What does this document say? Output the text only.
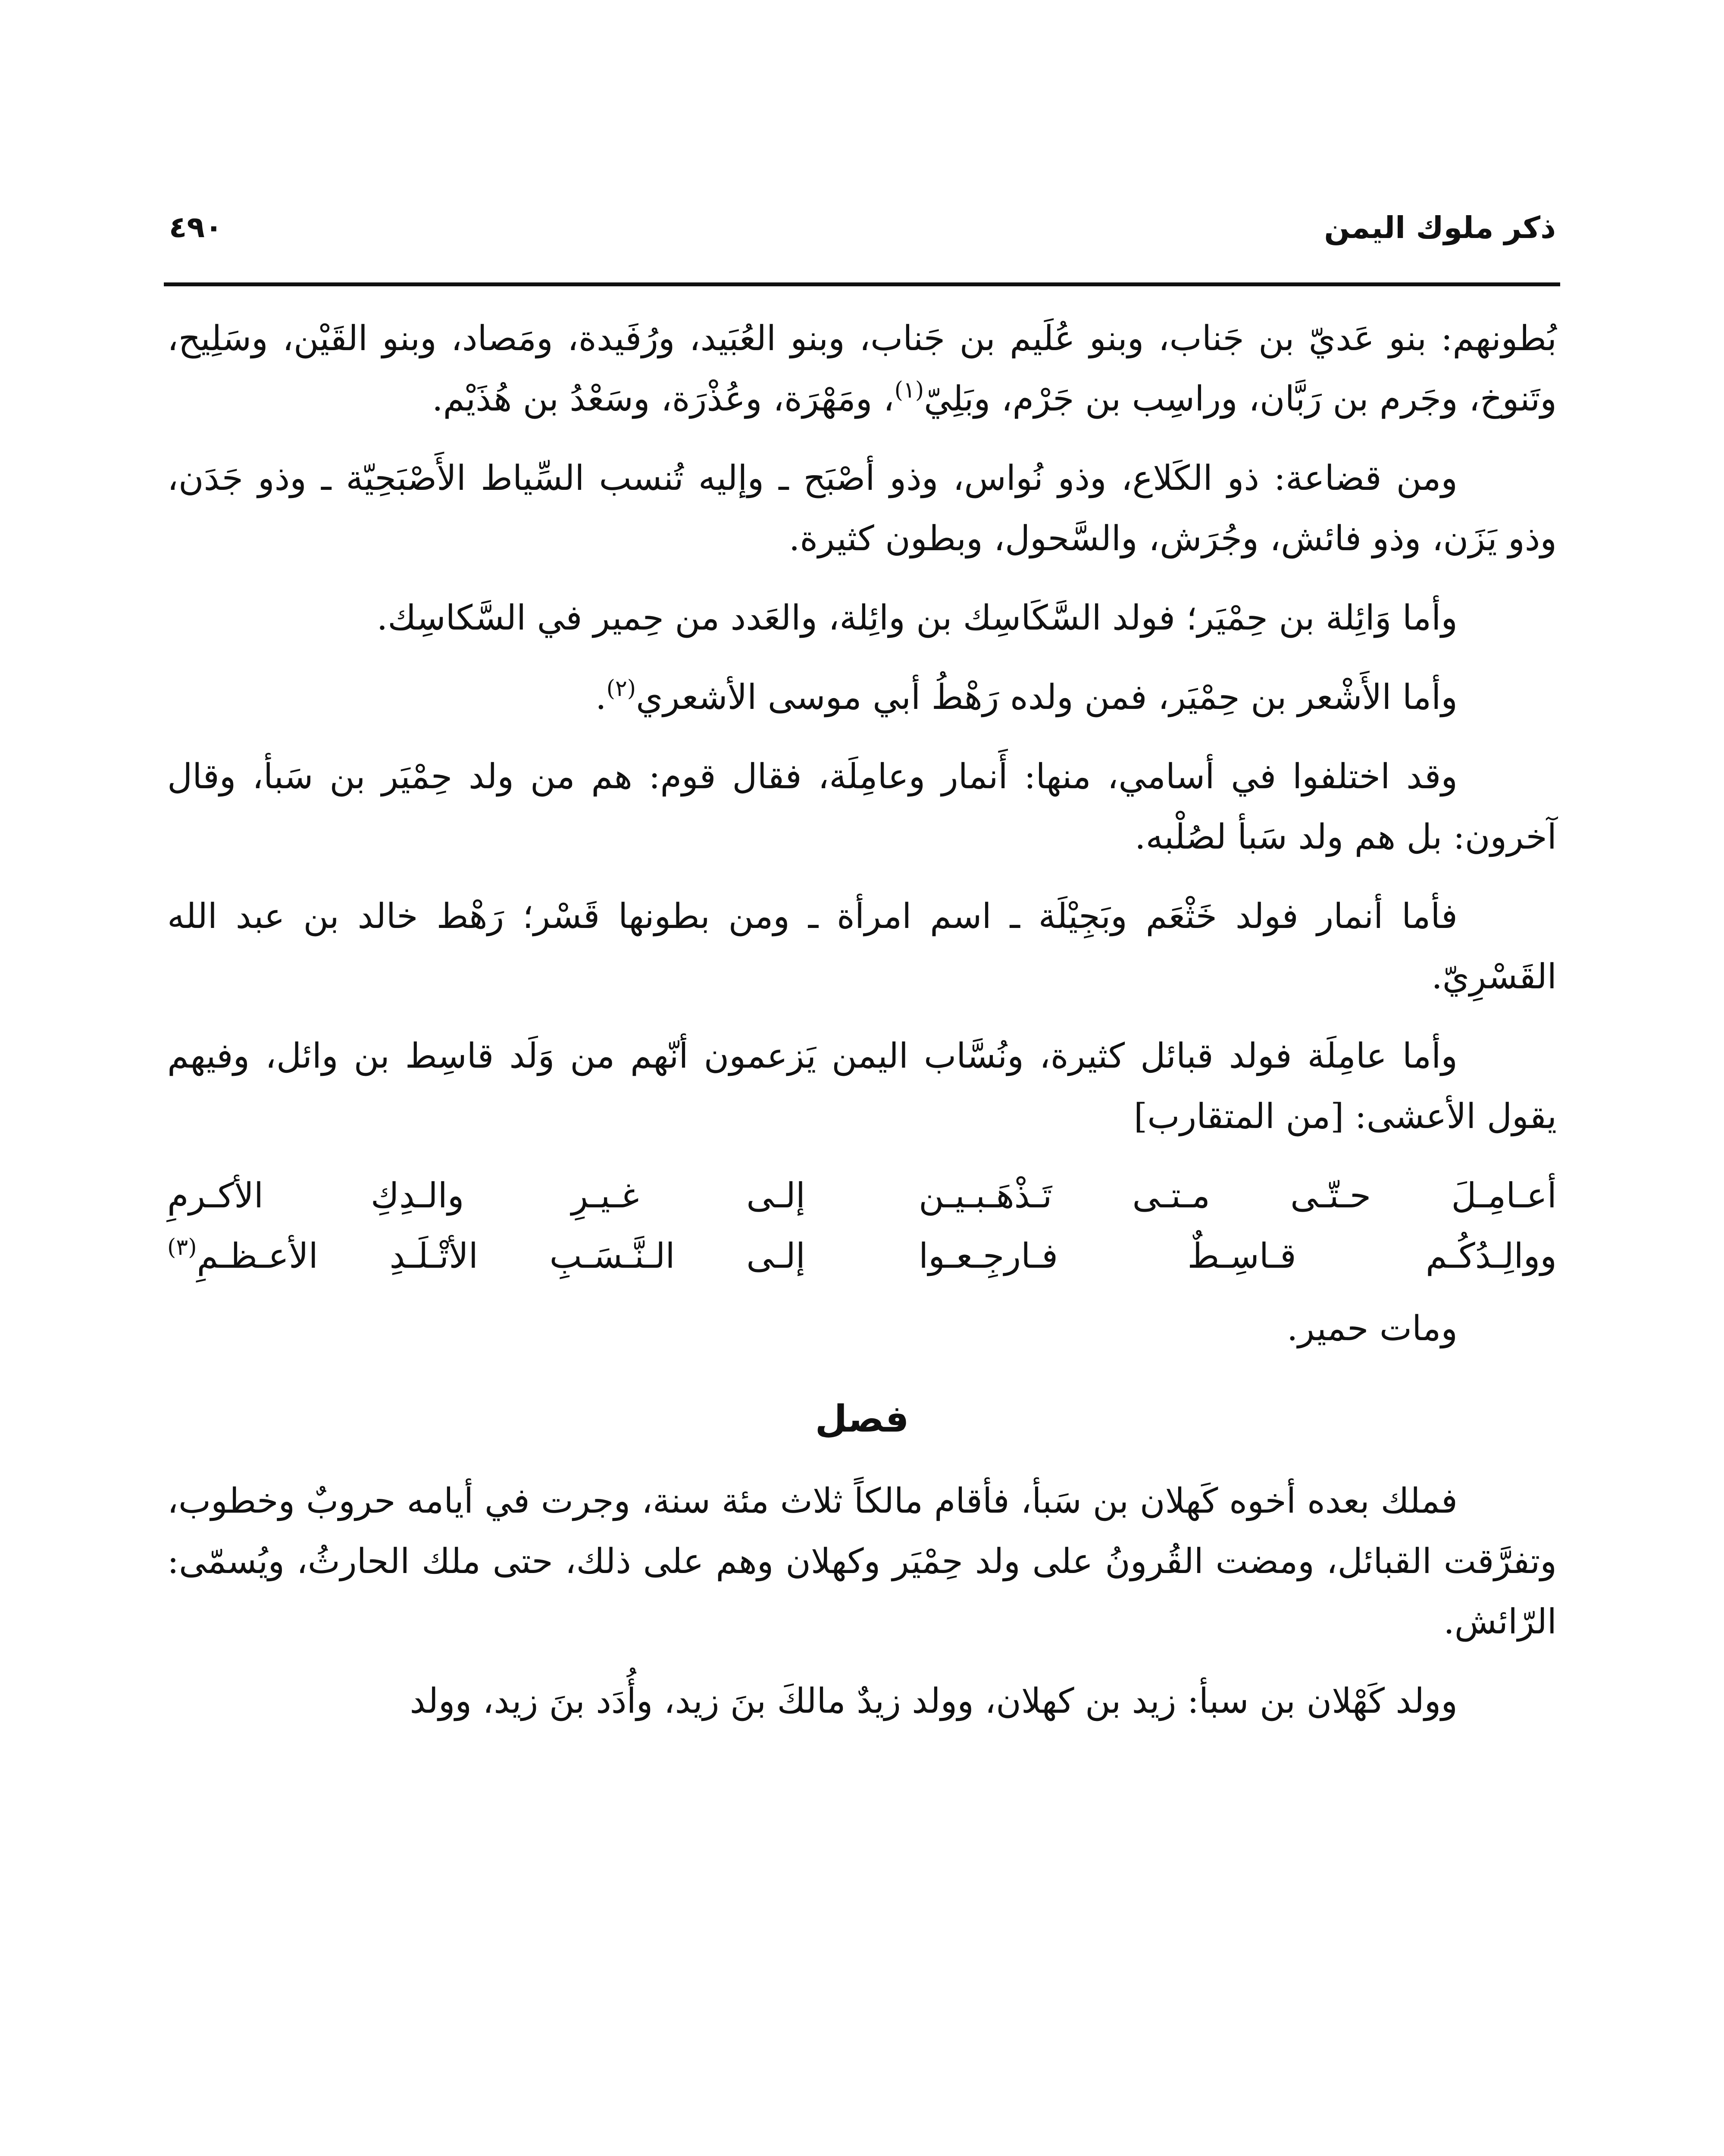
ذكر ملوك اليمن
٤٩٠

بُطونهم: بنو عَديّ بن جَناب، وبنو عُلَيم بن جَناب، وبنو العُبَيد، ورُفَيدة، ومَصاد، وبنو القَيْن، وسَلِيح، وتَنوخ، وجَرم بن رَبَّان، وراسِب بن جَرْم، وبَلِيّ$^{(١)}$، ومَهْرَة، وعُذْرَة، وسَعْدُ بن هُذَيْم.

ومن قضاعة: ذو الكَلاع، وذو نُواس، وذو أصْبَح ـ وإليه تُنسب السِّياط الأَصْبَحِيّة ـ وذو جَدَن، وذو يَزَن، وذو فائش، وجُرَش، والسَّحول، وبطون كثيرة.

وأما وَائِلة بن حِمْيَر؛ فولد السَّكَاسِك بن وائِلة، والعَدد من حِمير في السَّكاسِك.

وأما الأَشْعر بن حِمْيَر، فمن ولده رَهْطُ أبي موسى الأشعري$^{(٢)}$.

وقد اختلفوا في أسامي، منها: أَنمار وعامِلَة، فقال قوم: هم من ولد حِمْيَر بن سَبأ، وقال آخرون: بل هم ولد سَبأ لصُلْبه.

فأما أنمار فولد خَثْعَم وبَجِيْلَة ـ اسم امرأة ـ ومن بطونها قَسْر؛ رَهْط خالد بن عبد الله القَسْرِيّ.

وأما عامِلَة فولد قبائل كثيرة، ونُسَّاب اليمن يَزعمون أنّهم من وَلَد قاسِط بن وائل، وفيهم يقول الأعشى: [من المتقارب]

أعـامِـلَ حـتّـى مـتـى تَـذْهَـبـيـن
إلـى غـيـرِ والـدِكِ الأكـرمِ
ووالِـدُكُـم قـاسِـطٌ فـارجِـعـوا
إلـى الـنَّـسَـبِ الأتْـلَـدِ الأعـظـمِ$^{(٣)}$

ومات حمير.

فصل

فملك بعده أخوه كَهلان بن سَبأ، فأقام مالكاً ثلاث مئة سنة، وجرت في أيامه حروبٌ وخطوب، وتفرَّقت القبائل، ومضت القُرونُ على ولد حِمْيَر وكهلان وهم على ذلك، حتى ملك الحارثُ، ويُسمّى: الرّائش.

وولد كَهْلان بن سبأ: زيد بن كهلان، وولد زيدٌ مالكَ بنَ زيد، وأُدَد بنَ زيد، وولد
